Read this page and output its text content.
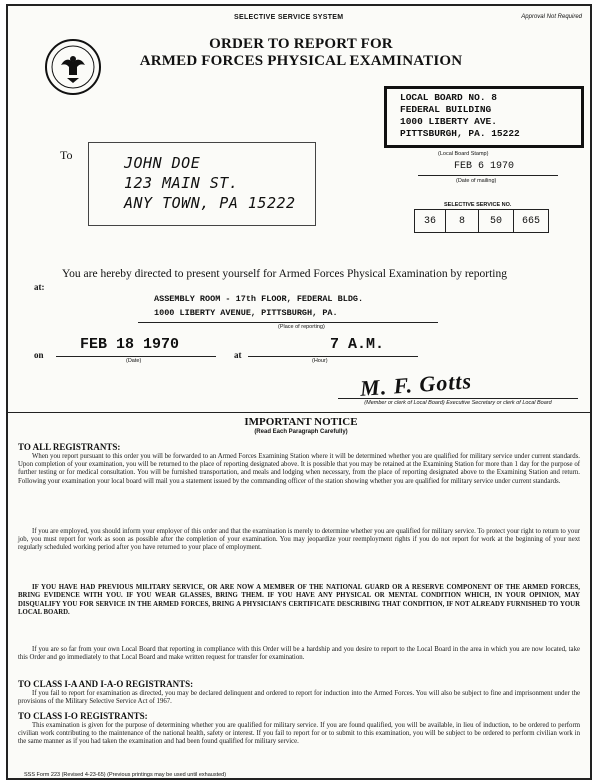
SELECTIVE SERVICE SYSTEM	Approval Not Required
ORDER TO REPORT FOR
ARMED FORCES PHYSICAL EXAMINATION
LOCAL BOARD NO. 8
FEDERAL BUILDING
1000 LIBERTY AVE.
PITTSBURGH, PA. 15222
(Local Board Stamp)
To	JOHN DOE
123 MAIN ST.
ANY TOWN, PA 15222
FEB 6 1970
(Date of mailing)
SELECTIVE SERVICE NO.
36	8	50	665
You are hereby directed to present yourself for Armed Forces Physical Examination by reporting
at:
ASSEMBLY ROOM - 17th FLOOR, FEDERAL BLDG.
1000 LIBERTY AVENUE, PITTSBURGH, PA.
(Place of reporting)
on
FEB 18 1970
(Date)
at
7 A.M.
(Hour)
M. F. Gotts
(Member or clerk of Local Board) Executive Secretary or clerk of Local Board
IMPORTANT NOTICE
(Read Each Paragraph Carefully)
TO ALL REGISTRANTS:
When you report pursuant to this order you will be forwarded to an Armed Forces Examining Station where it will be determined whether you are qualified for military service under current standards. Upon completion of your examination, you will be returned to the place of reporting designated above. It is possible that you may be retained at the Examining Station for more than 1 day for the purpose of further testing or for medical consultation. You will be furnished transportation, and meals and lodging when necessary, from the place of reporting designated above to the Examining Station and return. Following your examination your local board will mail you a statement issued by the commanding officer of the station showing whether you are qualified for military service under current standards.
If you are employed, you should inform your employer of this order and that the examination is merely to determine whether you are qualified for military service. To protect your right to return to your job, you must report for work as soon as possible after the completion of your examination. You may jeopardize your reemployment rights if you do not report for work at the beginning of your next regularly scheduled working period after you have returned to your place of employment.
IF YOU HAVE HAD PREVIOUS MILITARY SERVICE, OR ARE NOW A MEMBER OF THE NATIONAL GUARD OR A RESERVE COMPONENT OF THE ARMED FORCES, BRING EVIDENCE WITH YOU. IF YOU WEAR GLASSES, BRING THEM. IF YOU HAVE ANY PHYSICAL OR MENTAL CONDITION WHICH, IN YOUR OPINION, MAY DISQUALIFY YOU FOR SERVICE IN THE ARMED FORCES, BRING A PHYSICIAN'S CERTIFICATE DESCRIBING THAT CONDITION, IF NOT ALREADY FURNISHED TO YOUR LOCAL BOARD.
If you are so far from your own Local Board that reporting in compliance with this Order will be a hardship and you desire to report to the Local Board in the area in which you are now located, take this Order and go immediately to that Local Board and make written request for transfer for examination.
TO CLASS I-A AND I-A-O REGISTRANTS:
If you fail to report for examination as directed, you may be declared delinquent and ordered to report for induction into the Armed Forces. You will also be subject to fine and imprisonment under the provisions of the Military Selective Service Act of 1967.
TO CLASS I-O REGISTRANTS:
This examination is given for the purpose of determining whether you are qualified for military service. If you are found qualified, you will be available, in lieu of induction, to be ordered to perform civilian work contributing to the maintenance of the national health, safety or interest. If you fail to report for or to submit to this examination, you will be subject to be ordered to perform civilian work in the same manner as if you had taken the examination and had been found qualified for military service.
SSS Form 223 (Revised 4-23-65) (Previous printings may be used until exhausted)
